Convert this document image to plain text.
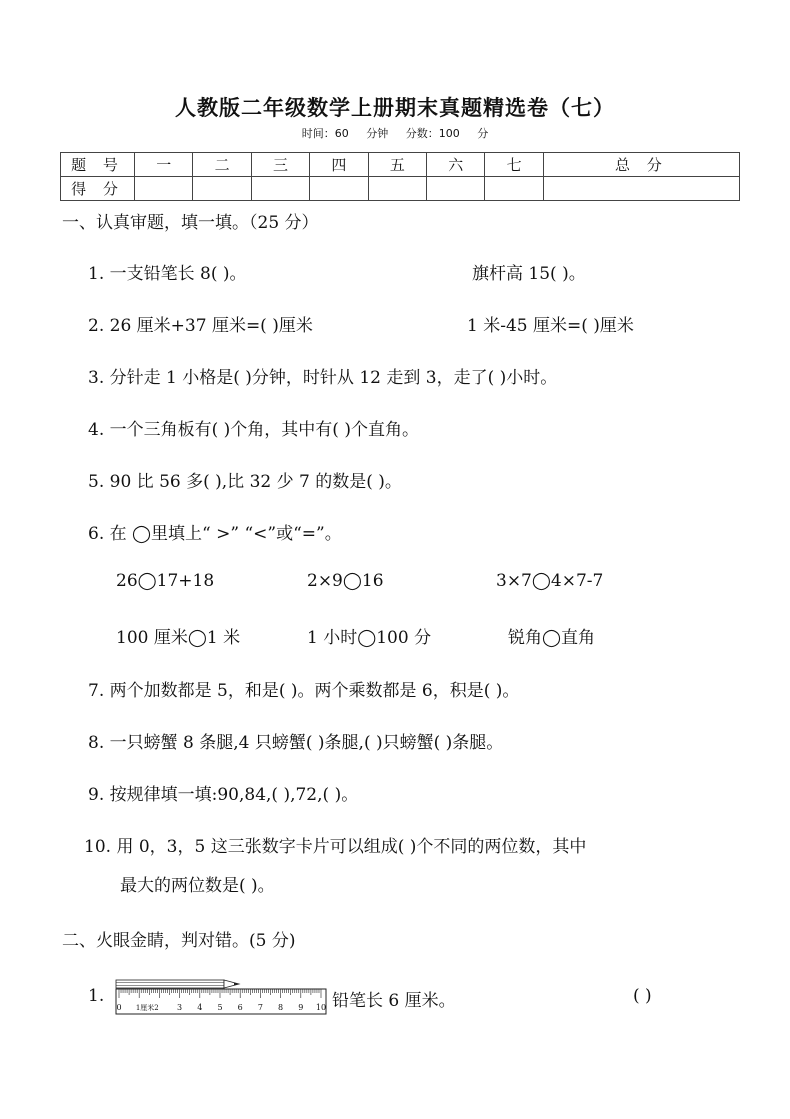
人教版二年级数学上册期末真题精选卷（七）
时间：60 分钟 分数：100 分
题 号	一	二	三	四	五	六	七	总 分
得 分								
一、认真审题，填一填。（25 分）
1. 一支铅笔长 8( )。	旗杆高 15( )。
2. 26 厘米+37 厘米=( )厘米	1 米-45 厘米=( )厘米
3. 分针走 1 小格是( )分钟，时针从 12 走到 3，走了( )小时。
4. 一个三角板有( )个角，其中有( )个直角。
5. 90 比 56 多( ),比 32 少 7 的数是( )。
6. 在 ◯里填上“ >” “<”或“=”。
26◯17+18	2×9◯16	3×7◯4×7-7
100 厘米◯1 米	1 小时◯100 分	锐角◯直角
7. 两个加数都是 5，和是( )。两个乘数都是 6，积是( )。
8. 一只螃蟹 8 条腿,4 只螃蟹( )条腿,( )只螃蟹( )条腿。
9. 按规律填一填:90,84,( ),72,( )。
10. 用 0，3，5 这三张数字卡片可以组成( )个不同的两位数，其中
最大的两位数是( )。
二、火眼金睛，判对错。(5 分)
1.
0 1厘米2 3 4 5 6 7 8 9 10 铅笔长 6 厘米。	( )
